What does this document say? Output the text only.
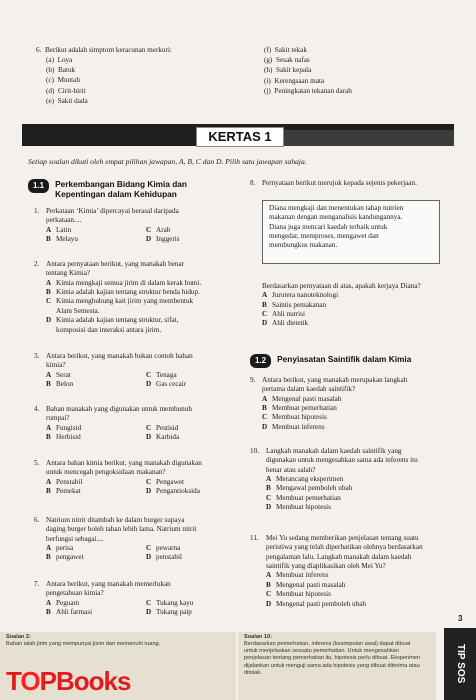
6. Berikut adalah simptom keracunan merkuri:
(a) Loya
(b) Batuk
(c) Muntah
(d) Cirit-birit
(e) Sakit dada
(f) Sakit tekak
(g) Sesak nafas
(h) Sakit kepala
(i) Kerengsaan mata
(j) Peningkatan tekanan darah
KERTAS 1
Setiap soalan dikuti oleh empat pilihan jawapan, A, B, C dan D. Pilih satu jawapan sahaja.
1.1	Perkembangan Bidang Kimia dan
Kepentingan dalam Kehidupan
1. Perkataan ‘Kimia’ dipercayai berasal daripada
perkataan....
A Latin	C Arab
B Melayu	D Inggeris
2. Antara pernyataan berikut, yang manakah benar
tentang Kimia?
A Kimia mengkaji semua jirim di dalam kerak bumi.
B Kimia adalah kajian tentang struktur benda hidup.
C Kimia menghubung kait jirim yang membentuk
Alam Semesta.
D Kimia adalah kajian tentang struktur, sifat,
komposisi dan interaksi antara jirim.
3. Antara berikut, yang manakah bukan contoh bahan
kimia?
A Serat	C Tenaga
B Belon	D Gas cecair
4. Bahan manakah yang digunakan untuk membunuh
rumpai?
A Fungisid	C Pestisid
B Herbisid	D Karbida
5. Antara bahan kimia berikut, yang manakah digunakan
untuk mencegah pengoksidaan makanan?
A Penstabil	C Pengawet
B Pemekat	D Pengantioksida
6. Natrium nitrit ditambah ke dalam burger supaya
daging burger boleh tahan lebih lama. Natrium nitrit
berfungsi sebagai....
A perisa	C pewarna
B pengawet	D penstabil
7. Antara berikut, yang manakah memerlukan
pengetahuan kimia?
A Peguam	C Tukang kayu
B Ahli farmasi	D Tukang paip
8. Pernyataan berikut merujuk kepada sejenis pekerjaan.
Diana mengkaji dan menentukan tahap nutrien
makanan dengan menganalisis kandungannya.
Diana juga mencari kaedah terbaik untuk
mengedar, memproses, mengawet dan
membungkus makanan.
Berdasarkan pernyataan di atas, apakah kerjaya Diana?
A Jurutera nanoteknologi
B Saintis pemakanan
C Ahli nutrisi
D Ahli dietetik
1.2	Penyiasatan Saintifik dalam Kimia
9. Antara berikut, yang manakah merupakan langkah
pertama dalam kaedah saintifik?
A Mengenal pasti masalah
B Membuat pemerhatian
C Membuat hipotesis
D Membuat inferens
10. Langkah manakah dalam kaedah saintifik yang
digunakan untuk mengesahkan sama ada inferens itu
benar atau salah?
A Merancang eksperimen
B Mengawal pemboleh ubah
C Membuat pemerhatian
D Membuat hipotesis
11.	Mei Yu sedang memberikan penjelasan tentang suatu
peristiwa yang telah diperhatikan olehnya berdasarkan
pengalaman lalu. Langkah manakah dalam kaedah
saintifik yang diaplikasikan oleh Mei Yu?
A Membuat inferens
B Mengenal pasti masalah
C Membuat hipotesis
D Mengenal pasti pemboleh ubah
3
Soalan 2:
Bahan ialah jirim yang mempunyai jisim dan memenuhi ruang.
Soalan 10:
Berdasarkan pemerhatian, inferens (kesimpulan awal) dapat dibuat
untuk menjelaskan sesuatu pemerhatian. Untuk mengesahkan
penjelasan tentang pemerhatian itu, hipotesis perlu dibuat. Eksperimen
dijalankan untuk menguji sama ada hipotesis yang dibuat diterima atau
ditolak.	TIP SOS
TOPBooks
